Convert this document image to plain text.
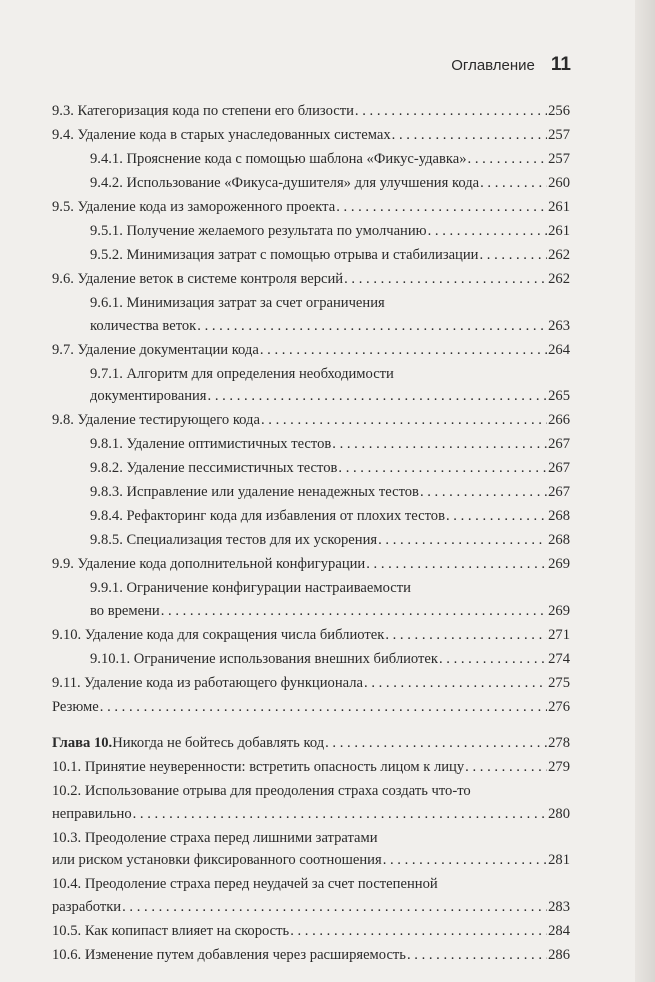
Оглавление 11
9.3. Категоризация кода по степени его близости . . .	256
9.4. Удаление кода в старых унаследованных системах . . .	257
9.4.1. Прояснение кода с помощью шаблона «Фикус-удавка» . . .	257
9.4.2. Использование «Фикуса-душителя» для улучшения кода . . .	260
9.5. Удаление кода из замороженного проекта . . .	261
9.5.1. Получение желаемого результата по умолчанию . . .	261
9.5.2. Минимизация затрат с помощью отрыва и стабилизации . . .	262
9.6. Удаление веток в системе контроля версий . . .	262
9.6.1. Минимизация затрат за счет ограничения
количества веток . . .	263
9.7. Удаление документации кода . . .	264
9.7.1. Алгоритм для определения необходимости
документирования . . .	265
9.8. Удаление тестирующего кода . . .	266
9.8.1. Удаление оптимистичных тестов . . .	267
9.8.2. Удаление пессимистичных тестов . . .	267
9.8.3. Исправление или удаление ненадежных тестов . . .	267
9.8.4. Рефакторинг кода для избавления от плохих тестов . . .	268
9.8.5. Специализация тестов для их ускорения . . .	268
9.9. Удаление кода дополнительной конфигурации . . .	269
9.9.1. Ограничение конфигурации настраиваемости
во времени . . .	269
9.10. Удаление кода для сокращения числа библиотек . . .	271
9.10.1. Ограничение использования внешних библиотек . . .	274
9.11. Удаление кода из работающего функционала . . .	275
Резюме . . .	276
Глава 10. Никогда не бойтесь добавлять код . . .	278
10.1. Принятие неуверенности: встретить опасность лицом к лицу . . .	279
10.2. Использование отрыва для преодоления страха создать что-то
неправильно . . .	280
10.3. Преодоление страха перед лишними затратами
или риском установки фиксированного соотношения . . .	281
10.4. Преодоление страха перед неудачей за счет постепенной
разработки . . .	283
10.5. Как копипаст влияет на скорость . . .	284
10.6. Изменение путем добавления через расширяемость . . .	286
